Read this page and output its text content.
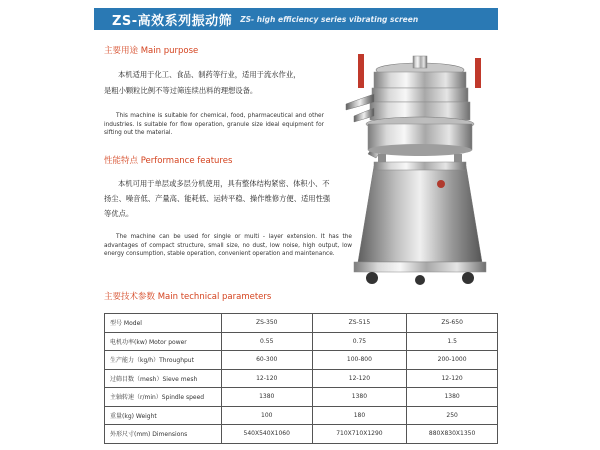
ZS-高效系列振动筛 ZS- high efficiency series vibrating screen
主要用途 Main purpose

本机适用于化工、食品、制药等行业，适用于流水作业，

是粗小颗粒比例不等过筛连续出料的理想设备。

This machine is suitable for chemical, food, pharmaceutical and other industries. Is suitable for flow operation, granule size ideal equipment for sifting out the material.

性能特点 Performance features

本机可用于单层或多层分机使用，具有整体结构紧密、体积小、不扬尘、噪音低、产量高、能耗低、运转平稳、操作维修方便、适用性强等优点。

The machine can be used for single or multi - layer extension. It has the advantages of compact structure, small size, no dust, low noise, high output, low energy consumption, stable operation, convenient operation and maintenance.

主要技术参数 Main technical parameters
型号 Model	ZS-350	ZS-515	ZS-650
电机功率(kw) Motor power	0.55	0.75	1.5
生产能力（kg/h）Throughput	60-300	100-800	200-1000
过筛目数（mesh）Sieve mesh	12-120	12-120	12-120
主轴转速（r/min）Spindle speed	1380	1380	1380
重量(kg) Weight	100	180	250
外形尺寸(mm) Dimensions	540X540X1060	710X710X1290	880X830X1350
